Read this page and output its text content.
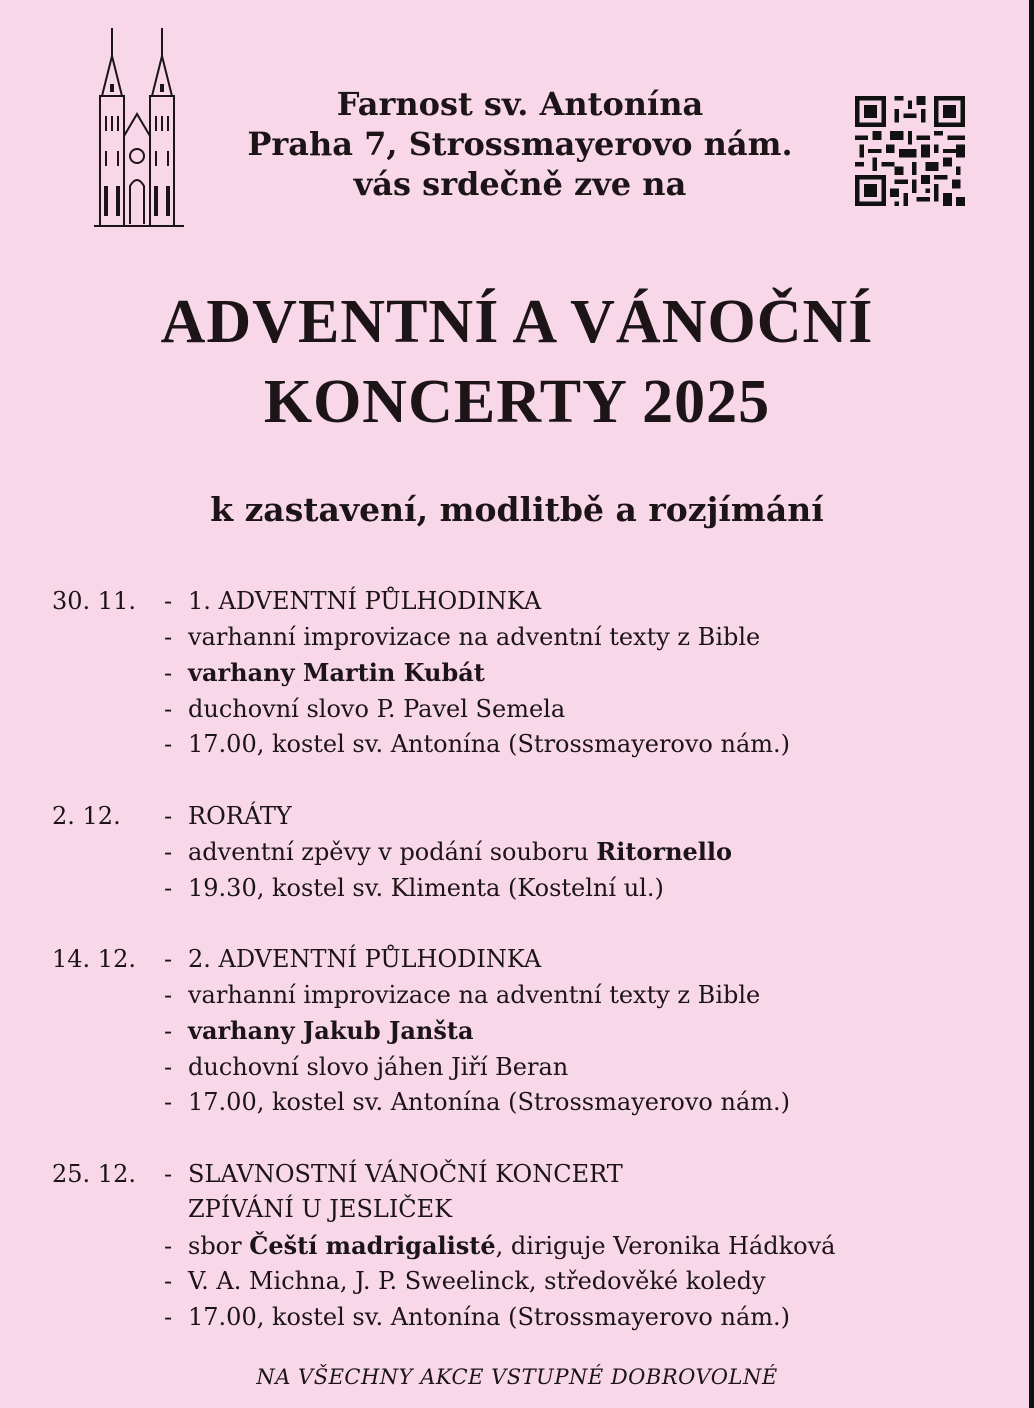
Farnost sv. Antonína
Praha 7, Strossmayerovo nám.
vás srdečně zve na
ADVENTNÍ A VÁNOČNÍ
KONCERTY 2025
k zastavení, modlitbě a rozjímání
30. 11.	- 1. ADVENTNÍ PŮLHODINKA
- varhanní improvizace na adventní texty z Bible
- varhany Martin Kubát
- duchovní slovo P. Pavel Semela
- 17.00, kostel sv. Antonína (Strossmayerovo nám.)
2. 12.	- RORÁTY
- adventní zpěvy v podání souboru Ritornello
- 19.30, kostel sv. Klimenta (Kostelní ul.)
14. 12.	- 2. ADVENTNÍ PŮLHODINKA
- varhanní improvizace na adventní texty z Bible
- varhany Jakub Janšta
- duchovní slovo jáhen Jiří Beran
- 17.00, kostel sv. Antonína (Strossmayerovo nám.)
25. 12.	- SLAVNOSTNÍ VÁNOČNÍ KONCERT
ZPÍVÁNÍ U JESLIČEK
- sbor Čeští madrigalisté, diriguje Veronika Hádková
- V. A. Michna, J. P. Sweelinck, středověké koledy
- 17.00, kostel sv. Antonína (Strossmayerovo nám.)
NA VŠECHNY AKCE VSTUPNÉ DOBROVOLNÉ
